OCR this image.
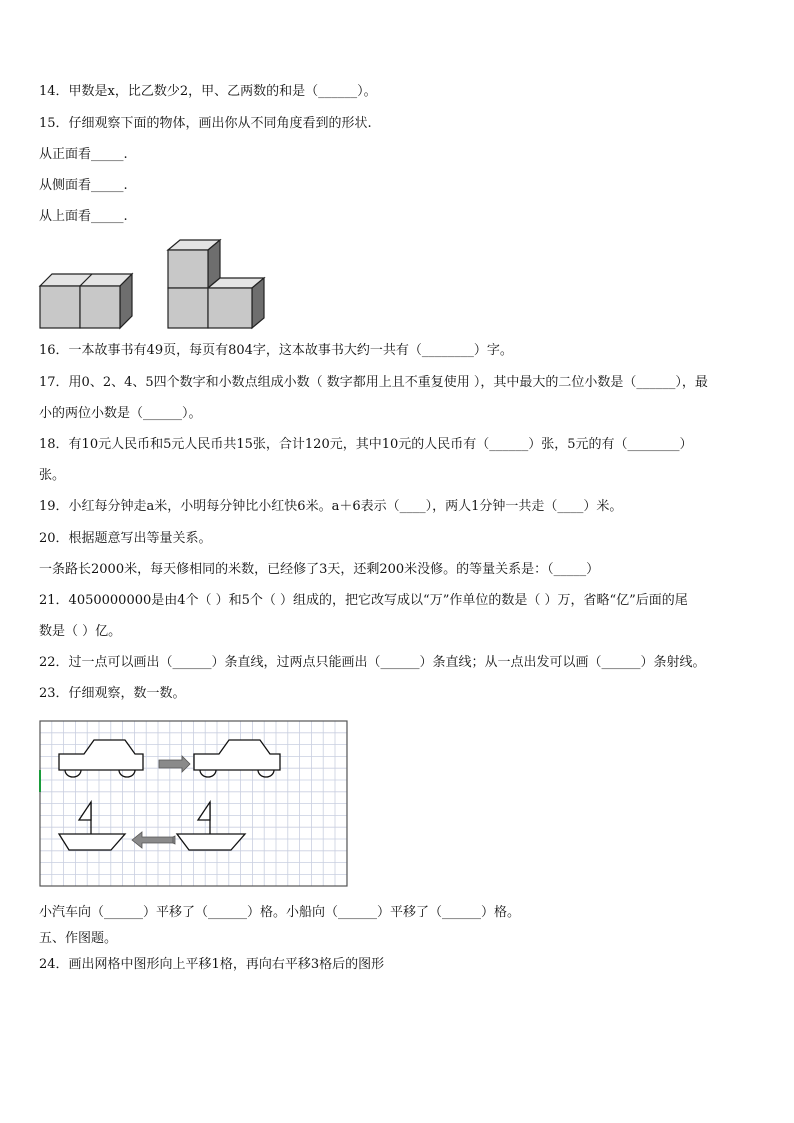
14．甲数是x，比乙数少2，甲、乙两数的和是（______）。
15．仔细观察下面的物体，画出你从不同角度看到的形状.
从正面看_____.
从侧面看_____.
从上面看_____.
16．一本故事书有49页，每页有804字，这本故事书大约一共有（________）字。
17．用0、2、4、5四个数字和小数点组成小数（ 数字都用上且不重复使用 ），其中最大的二位小数是（______），最
小的两位小数是（______）。
18．有10元人民币和5元人民币共15张，合计120元，其中10元的人民币有（______）张，5元的有（________）
张。
19．小红每分钟走a米，小明每分钟比小红快6米。a＋6表示（____），两人1分钟一共走（____）米。
20．根据题意写出等量关系。
一条路长2000米，每天修相同的米数，已经修了3天，还剩200米没修。的等量关系是：（_____）
21．4050000000是由4个（ ）和5个（ ）组成的，把它改写成以“万”作单位的数是（ ）万，省略“亿”后面的尾
数是（ ）亿。
22．过一点可以画出（______）条直线，过两点只能画出（______）条直线；从一点出发可以画（______）条射线。
23．仔细观察，数一数。
小汽车向（______）平移了（______）格。小船向（______）平移了（______）格。
五、作图题。
24．画出网格中图形向上平移1格，再向右平移3格后的图形
